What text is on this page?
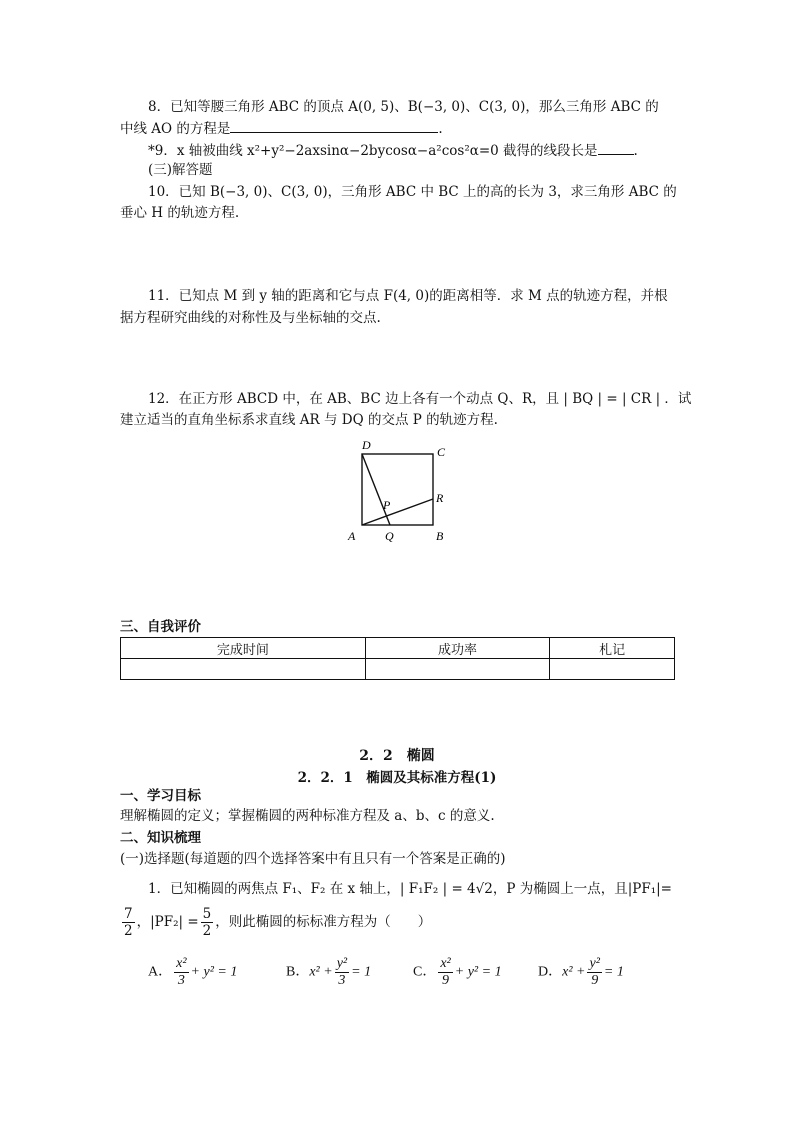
8．已知等腰三角形 ABC 的顶点 A(0, 5)、B(−3, 0)、C(3, 0)，那么三角形 ABC 的
中线 AO 的方程是	.
*9．x 轴被曲线 x²+y²−2axsinα−2bycosα−a²cos²α=0 截得的线段长是	.
(三)解答题
10．已知 B(−3, 0)、C(3, 0)，三角形 ABC 中 BC 上的高的长为 3，求三角形 ABC 的
垂心 H 的轨迹方程.
11．已知点 M 到 y 轴的距离和它与点 F(4, 0)的距离相等．求 M 点的轨迹方程，并根
据方程研究曲线的对称性及与坐标轴的交点.
12．在正方形 ABCD 中，在 AB、BC 边上各有一个动点 Q、R，且 | BQ | = | CR | ．试
建立适当的直角坐标系求直线 AR 与 DQ 的交点 P 的轨迹方程.
D	C
P	R
A Q	B
三、自我评价
完成时间	成功率	札记

2．2　椭圆
2．2．1　椭圆及其标准方程(1)
一、学习目标
理解椭圆的定义；掌握椭圆的两种标准方程及 a、b、c 的意义.
二、知识梳理
(一)选择题(每道题的四个选择答案中有且只有一个答案是正确的)
1．已知椭圆的两焦点 F₁、F₂ 在 x 轴上，| F₁F₂ | = 4√2，P 为椭圆上一点，且|PF₁|=
$\frac{7}{2}$ ，$|PF_2| = \frac{5}{2}$ ，则此椭圆的标标准方程为（　　）
A． $\frac{\text{x²}}{3} + y^2 = 1$	B．$x^2 + \frac{\text{y²}}{3} = 1$	C． $\frac{\text{x²}}{9} + y^2 = 1$	D．$x^2 + \frac{\text{y²}}{9} = 1$
